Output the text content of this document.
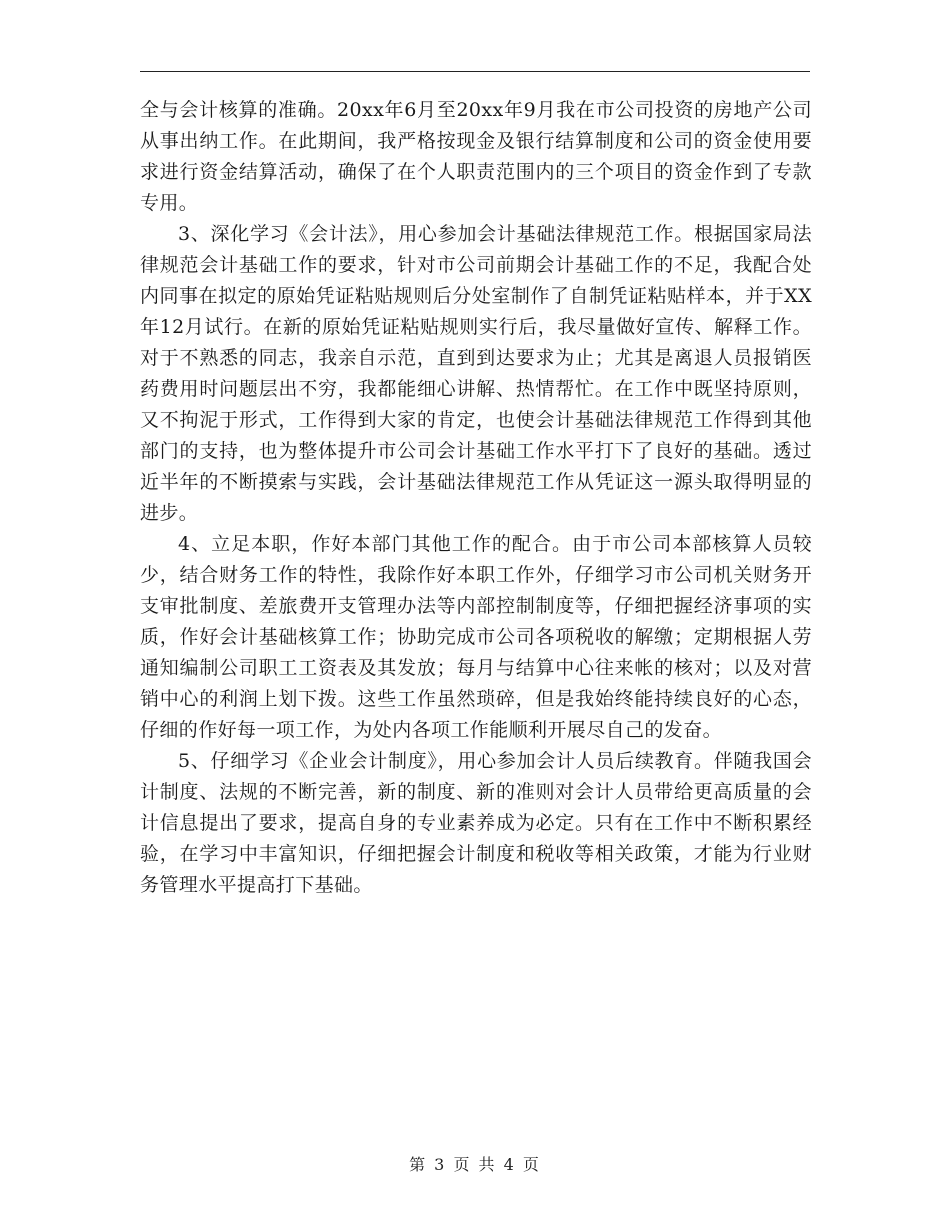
全与会计核算的准确。20xx年6月至20xx年9月我在市公司投资的房地产公司从事出纳工作。在此期间，我严格按现金及银行结算制度和公司的资金使用要求进行资金结算活动，确保了在个人职责范围内的三个项目的资金作到了专款专用。

3、深化学习《会计法》，用心参加会计基础法律规范工作。根据国家局法律规范会计基础工作的要求，针对市公司前期会计基础工作的不足，我配合处内同事在拟定的原始凭证粘贴规则后分处室制作了自制凭证粘贴样本，并于XX年12月试行。在新的原始凭证粘贴规则实行后，我尽量做好宣传、解释工作。对于不熟悉的同志，我亲自示范，直到到达要求为止；尤其是离退人员报销医药费用时问题层出不穷，我都能细心讲解、热情帮忙。在工作中既坚持原则，又不拘泥于形式，工作得到大家的肯定，也使会计基础法律规范工作得到其他部门的支持，也为整体提升市公司会计基础工作水平打下了良好的基础。透过近半年的不断摸索与实践，会计基础法律规范工作从凭证这一源头取得明显的进步。

4、立足本职，作好本部门其他工作的配合。由于市公司本部核算人员较少，结合财务工作的特性，我除作好本职工作外，仔细学习市公司机关财务开支审批制度、差旅费开支管理办法等内部控制制度等，仔细把握经济事项的实质，作好会计基础核算工作；协助完成市公司各项税收的解缴；定期根据人劳通知编制公司职工工资表及其发放；每月与结算中心往来帐的核对；以及对营销中心的利润上划下拨。这些工作虽然琐碎，但是我始终能持续良好的心态，仔细的作好每一项工作，为处内各项工作能顺利开展尽自己的发奋。

5、仔细学习《企业会计制度》，用心参加会计人员后续教育。伴随我国会计制度、法规的不断完善，新的制度、新的准则对会计人员带给更高质量的会计信息提出了要求，提高自身的专业素养成为必定。只有在工作中不断积累经验，在学习中丰富知识，仔细把握会计制度和税收等相关政策，才能为行业财务管理水平提高打下基础。

第 3 页 共 4 页
